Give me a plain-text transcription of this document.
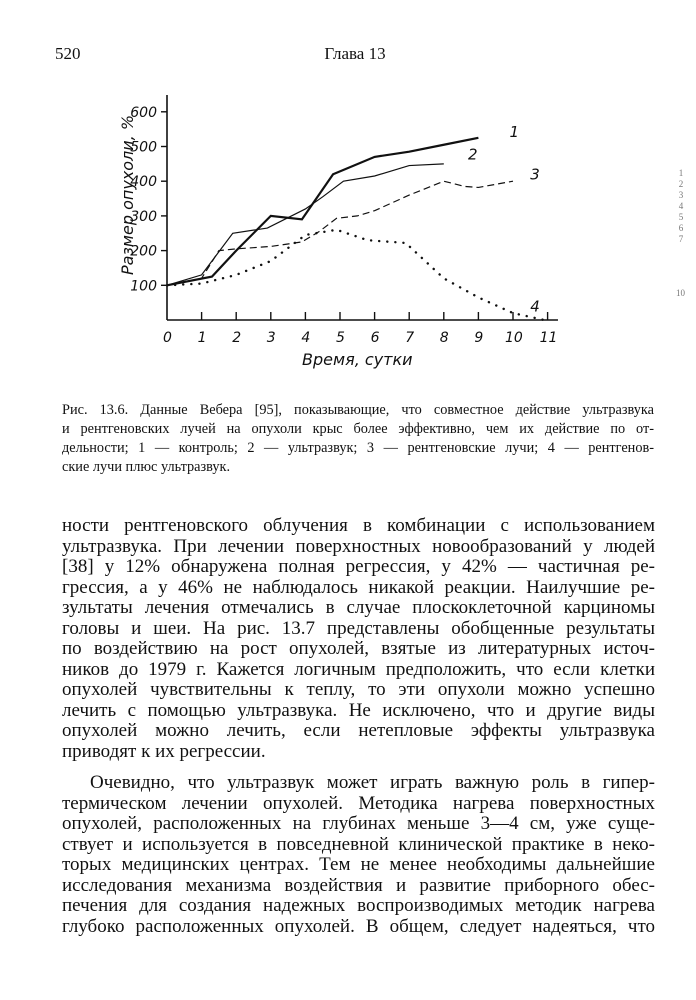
520	Глава 13
1
2
3
4
5
6
7
10
0 1 2 3 4 5 6 7 8 9 10 11
100
200
300
400
500
600
Время, сутки
Размер опухоли, %	1
2
3
4
Рис. 13.6. Данные Вебера [95], показывающие, что совместное действие ультразвука
и рентгеновских лучей на опухоли крыс более эффективно, чем их действие по от-
дельности; 1 — контроль; 2 — ультразвук; 3 — рентгеновские лучи; 4 — рентгенов-
ские лучи плюс ультразвук.
ности рентгеновского облучения в комбинации с использованием
ультразвука. При лечении поверхностных новообразований у людей
[38] у 12% обнаружена полная регрессия, у 42% — частичная ре-
грессия, а у 46% не наблюдалось никакой реакции. Наилучшие ре-
зультаты лечения отмечались в случае плоскоклеточной карциномы
головы и шеи. На рис. 13.7 представлены обобщенные результаты
по воздействию на рост опухолей, взятые из литературных источ-
ников до 1979 г. Кажется логичным предположить, что если клетки
опухолей чувствительны к теплу, то эти опухоли можно успешно
лечить с помощью ультразвука. Не исключено, что и другие виды
опухолей можно лечить, если нетепловые эффекты ультразвука
приводят к их регрессии.
Очевидно, что ультразвук может играть важную роль в гипер-
термическом лечении опухолей. Методика нагрева поверхностных
опухолей, расположенных на глубинах меньше 3—4 см, уже суще-
ствует и используется в повседневной клинической практике в неко-
торых медицинских центрах. Тем не менее необходимы дальнейшие
исследования механизма воздействия и развитие приборного обес-
печения для создания надежных воспроизводимых методик нагрева
глубоко расположенных опухолей. В общем, следует надеяться, что
